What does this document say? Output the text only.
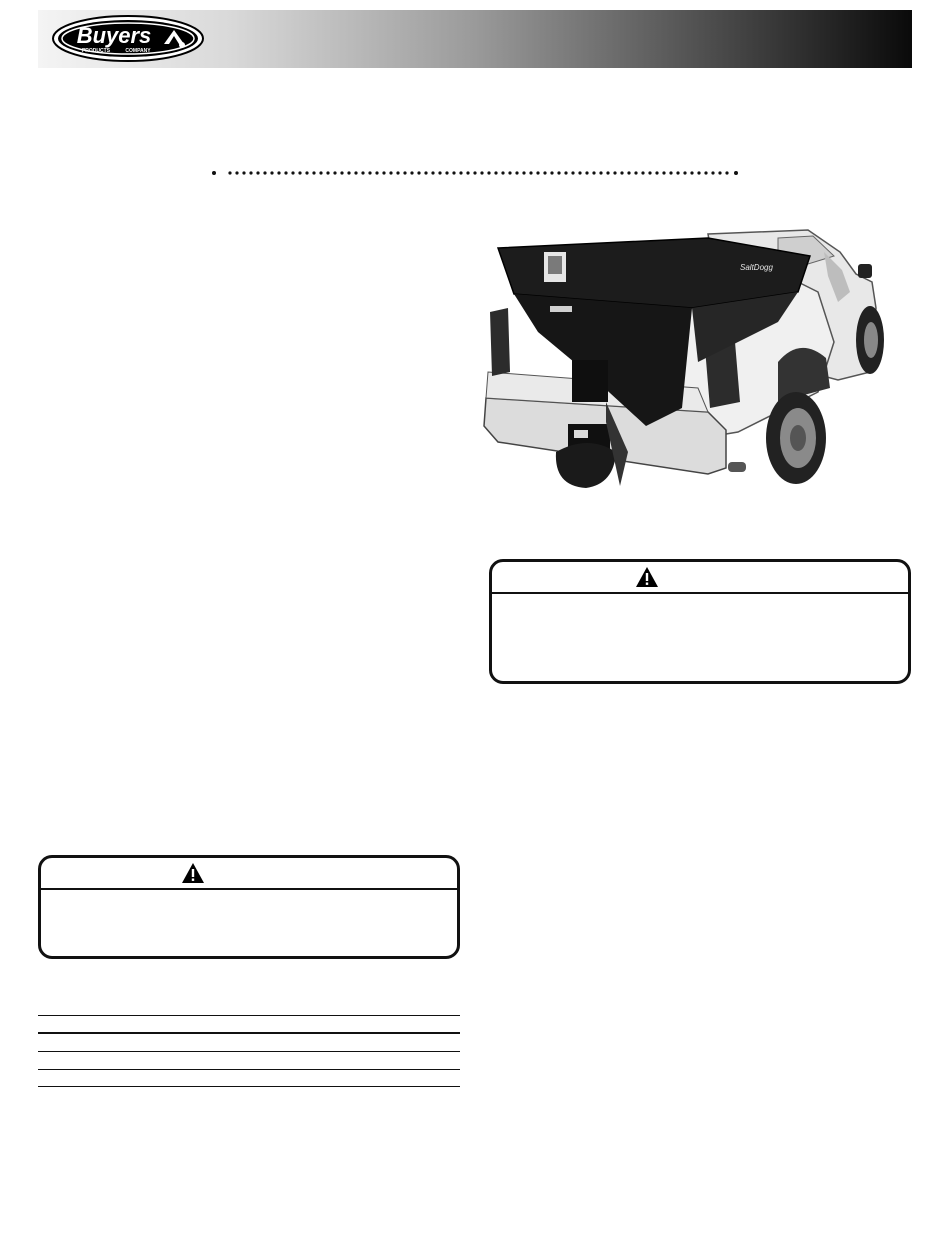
Buyers
PRODUCTS	COMPANY
SaltDogg
